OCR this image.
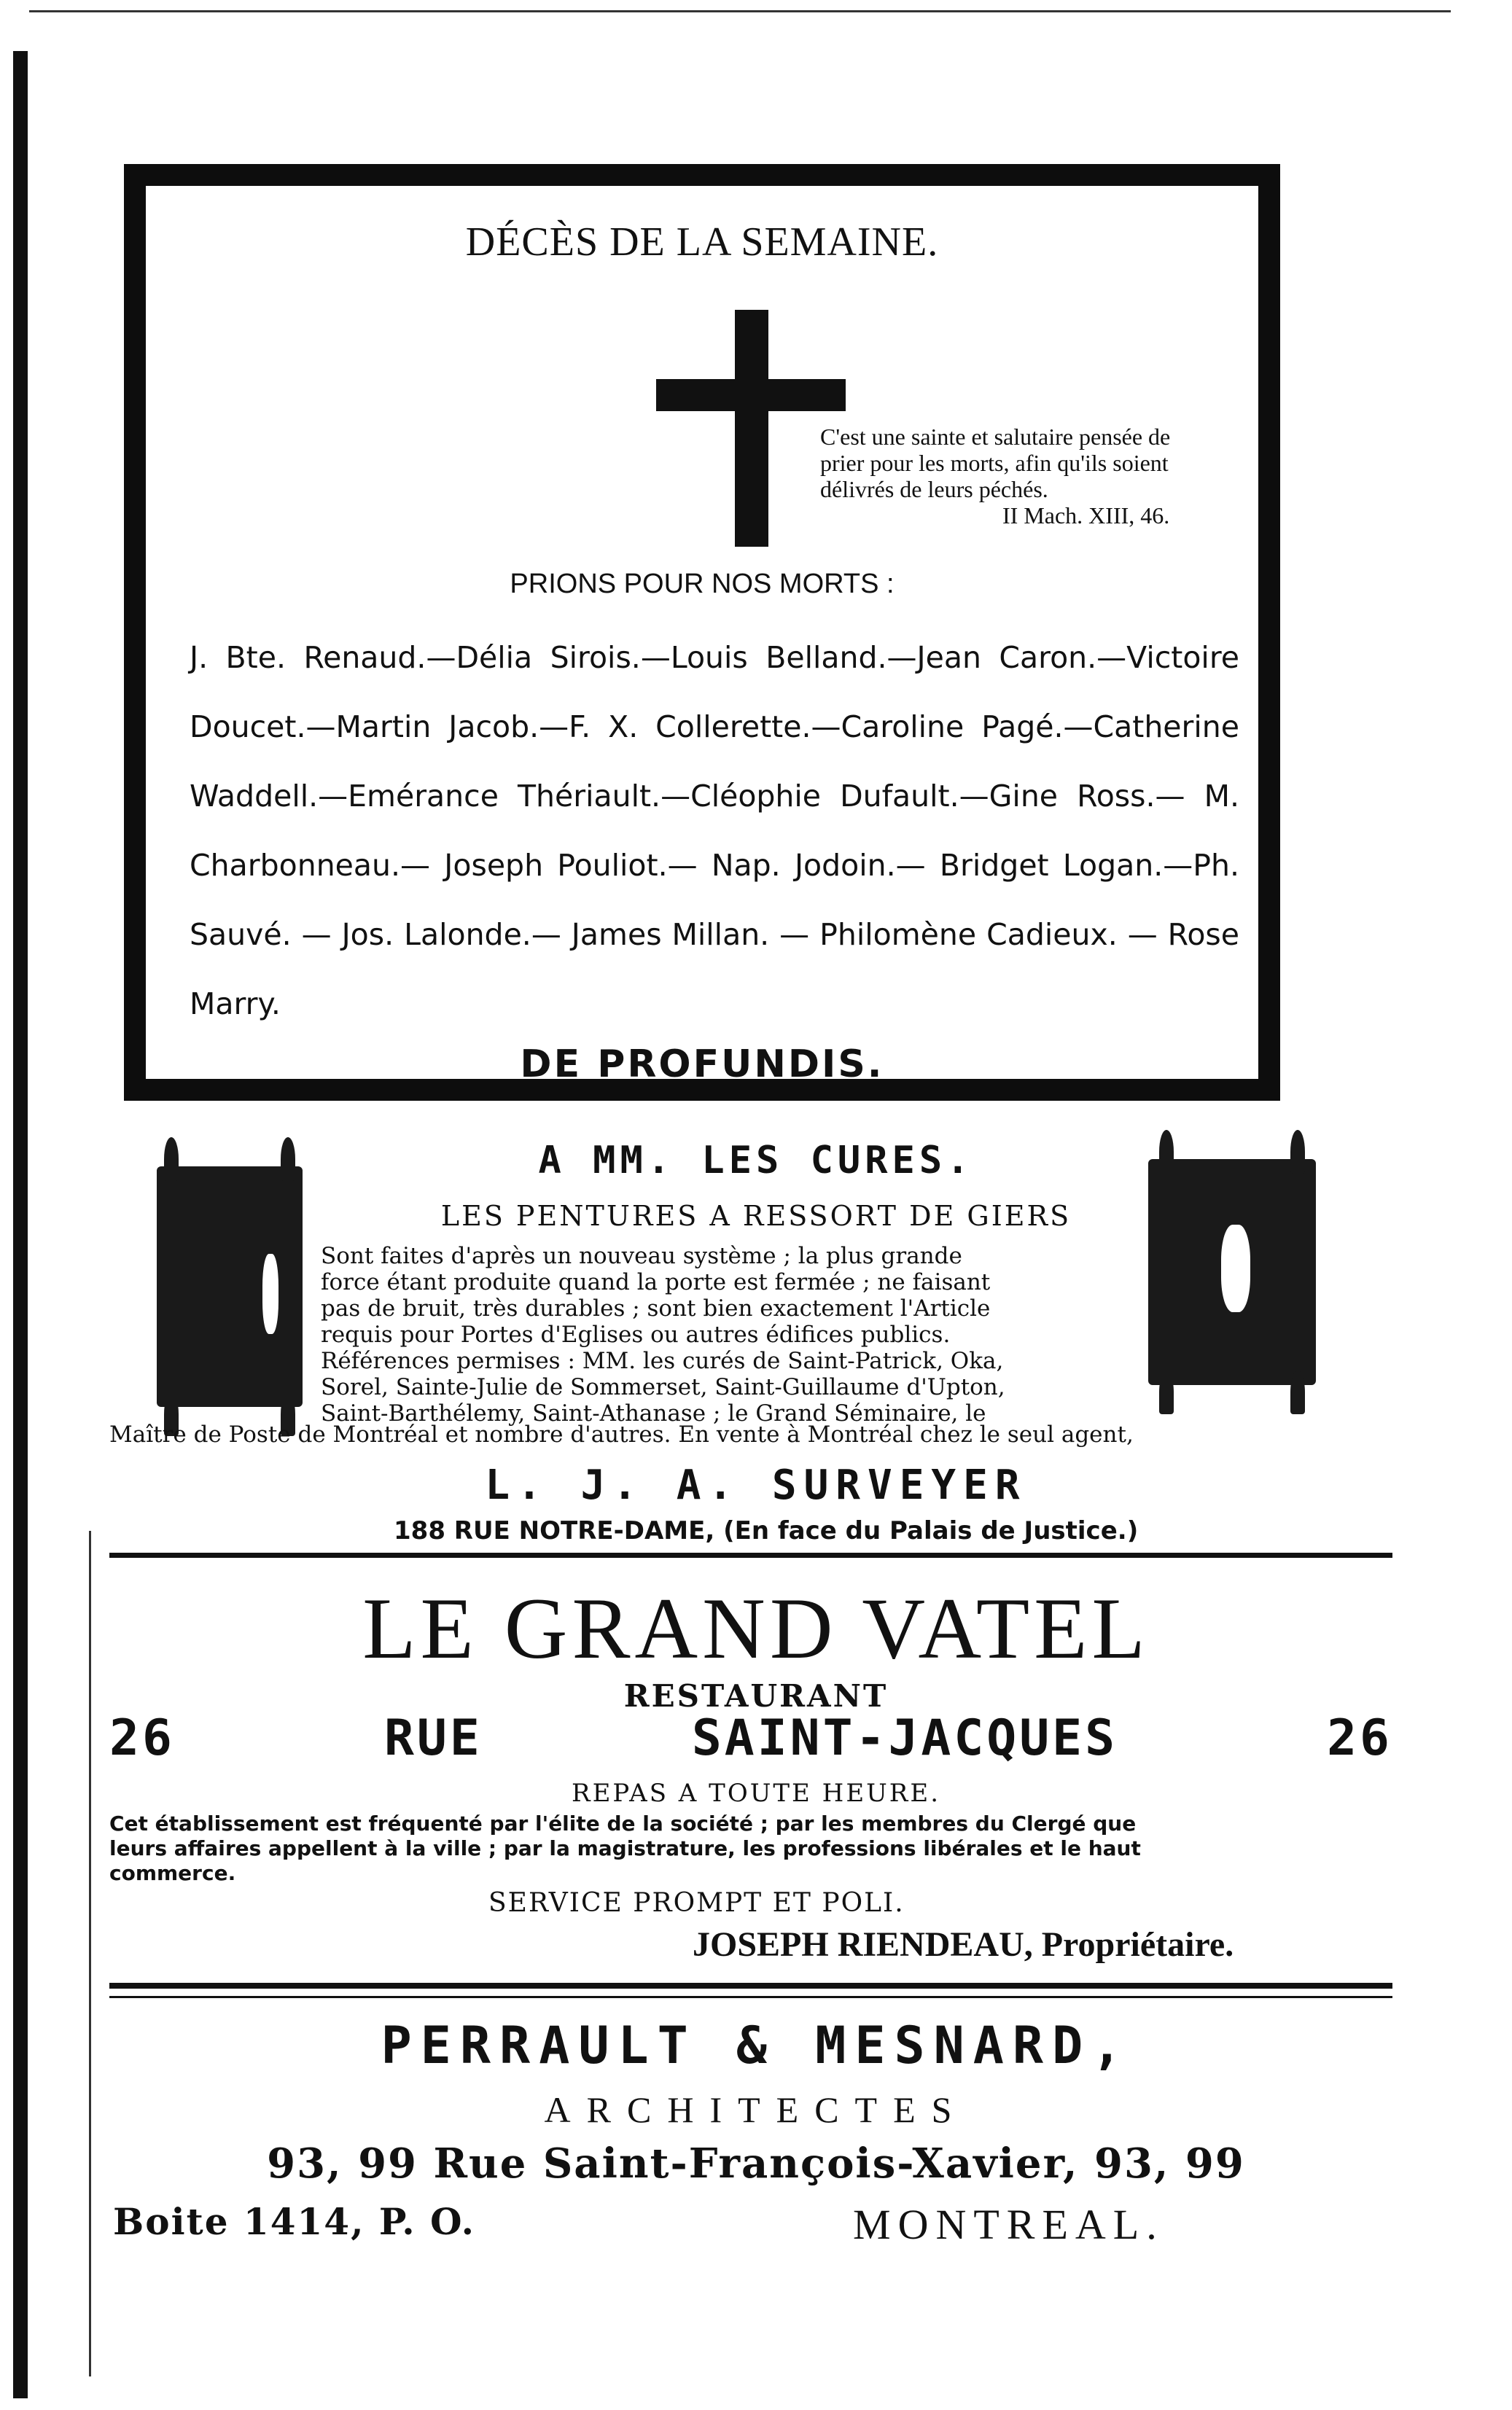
DÉCÈS DE LA SEMAINE.
C'est une sainte et salutaire pensée de
prier pour les morts, afin qu'ils soient
délivrés de leurs péchés.
II Mach. XIII, 46.
PRIONS POUR NOS MORTS :
J. Bte. Renaud.—Délia Sirois.—Louis Belland.—Jean Caron.—Victoire
Doucet.—Martin Jacob.—F. X. Collerette.—Caroline Pagé.—Catherine
Waddell.—Emérance Thériault.—Cléophie Dufault.—Gine Ross.— M.
Charbonneau.— Joseph Pouliot.— Nap. Jodoin.— Bridget Logan.—Ph.
Sauvé. — Jos. Lalonde.— James Millan. — Philomène Cadieux. — Rose
Marry.
DE PROFUNDIS.
A MM. LES CURES.
LES PENTURES A RESSORT DE GIERS
Sont faites d'après un nouveau système ; la plus grande
force étant produite quand la porte est fermée ; ne faisant
pas de bruit, très durables ; sont bien exactement l'Article
requis pour Portes d'Eglises ou autres édifices publics.
Références permises : MM. les curés de Saint-Patrick, Oka,
Sorel, Sainte-Julie de Sommerset, Saint-Guillaume d'Upton,
Saint-Barthélemy, Saint-Athanase ; le Grand Séminaire, le
Maître de Poste de Montréal et nombre d'autres. En vente à Montréal chez le seul agent,
L. J. A. SURVEYER
188 RUE NOTRE-DAME, (En face du Palais de Justice.)
LE GRAND VATEL
RESTAURANT
26	RUE	SAINT-JACQUES	26
REPAS A TOUTE HEURE.
Cet établissement est fréquenté par l'élite de la société ; par les membres du Clergé que
leurs affaires appellent à la ville ; par la magistrature, les professions libérales et le haut
commerce.
SERVICE PROMPT ET POLI.
JOSEPH RIENDEAU, Propriétaire.
PERRAULT & MESNARD,
ARCHITECTES
93, 99 Rue Saint-François-Xavier, 93, 99
Boite 1414, P. O.	MONTREAL.
